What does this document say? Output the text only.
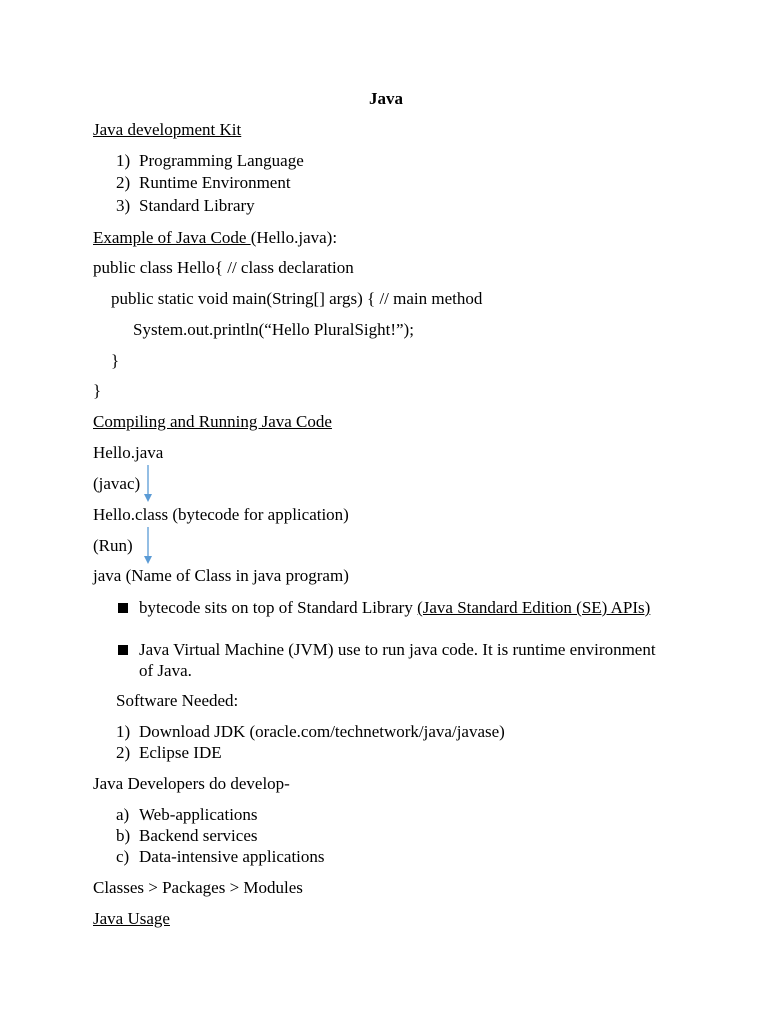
Java
Java development Kit
1) Programming Language
2) Runtime Environment
3) Standard Library
Example of Java Code (Hello.java):
public class Hello{ // class declaration
public static void main(String[] args) { // main method
System.out.println(“Hello PluralSight!”);
}
}
Compiling and Running Java Code
Hello.java
(javac)
Hello.class (bytecode for application)
(Run)
java (Name of Class in java program)
bytecode sits on top of Standard Library (Java Standard Edition (SE) APIs)
Java Virtual Machine (JVM) use to run java code. It is runtime environment of Java.
Software Needed:
1) Download JDK (oracle.com/technetwork/java/javase)
2) Eclipse IDE
Java Developers do develop-
a) Web-applications
b) Backend services
c) Data-intensive applications
Classes > Packages > Modules
Java Usage
